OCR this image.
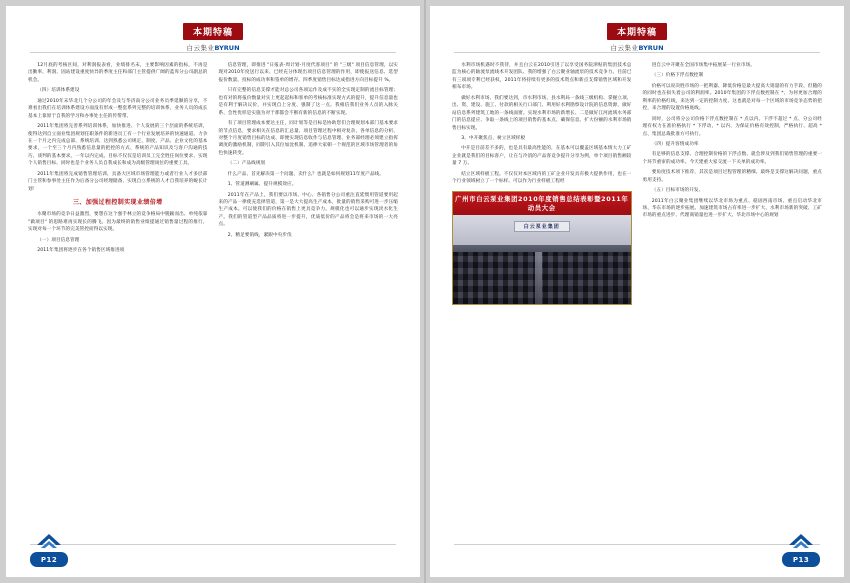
本期特稿
白云集业BYRUN

12月底的考核区间，对利润报表看，业绩排名末，主要影响因素的指标，不再是出勤率、利润、固站建设重度快异的季度主任和部门主管提供广阔的蓝库分公司副总的机会。

（四）培训体系建设

通过2010年末华北几个分公司的年会及与华济南分公司业务员季延顺的分享，不难看出我们在培训体系建设方面没有形成一整套系列完整的培训体系，业务人员的成长基本上靠原于自我的学习和办事处主任的传帮带。

2011年集团将完善系列培训体系，加快推进、个人发展的三个层面的系统培训，使得达到自立面业集团规划任职条件的新进员工有一个行业发展培养的快速通道。力争在一个月之内完成总部、系统培训、达到熟悉公司规定、制度、产品、企业文化的基本要求，一个至三个月内熟悉信息量的把控的方式、系统的产品知识及与客户沟通的技巧、谈判的基本要求。一年以内完成、目标不仅仅是培训员工完全胜任岗位要求、实现个人销售目标、同时也是个业务人员自我成长和成为高级管理岗位的重要工具。

2011年集团将完成销售管理培训、具备大区域市场管理能力或者行业人才多层部门主管和参事处主任作为后备分公司经理储备，实现自立系统的人才自我培养的蜕长计划！

三、加强过程控制实现业绩倍增

水聚市场的竞争日益激烈，要想在这个强手林立的竞争格局中脱颖而出、单纯依靠 "做项目" 的思路难再实现长的腾飞。因为最终的销售业绩提通过销售量过程的推行、实现对每一个环节的完美管控而得以实现。

（一）项目信息管理

2011年集团将逐步在各个销售区域推进项

信息管理，即推进 "日报表-周计划-月度代客项目" 的 "三级" 项目信息管理，以实现对2010年度送行以来、已经充分体现出项目信息管理的作用，即使报送信息、选型报价数量、投标的成功率和签单的增存。四季度销售目标达成指进方向目标提升 %。

只有完整的信息支撑才能对总公司各项运作及成不实的全实现定制的流目标管理；也有对的将报价数量对实上更起起标和客单的考核标准实现方式的提升，提升信息量也是有利于解决议价，并实现自上分度、强制了这一点。我相信我们业务人员的入脉关系、会性优样是实施为对于那都会不断有新的信息的不断实现。

有了项目管理成本要达主任，同计划等是目标是协助您们合理规划本部门基本要求的节点信息，要求相关在信息的汇总量、项目管理过程中相对复杂，各单信息的分析、对整个月度销售目标的达成、即便实现信息收作与信息管理、业务部经理必须建立指挥调度的激励机制，同期引入其位加沈机制、追捧大家朝一个规范的区域市场管理者的角色快速转变。

（二）产品线规划

什么产品、首先解决第一个问题、卖什么？也就是如何规划11年度产品线。

1、管道测刷属、提升规模效应。

2011年在产品上，我们要以市场、中心、各销售分公司重注直延惯用管道要用起来的产品一律使充选择管道，第一是大大提高生产成本，批量的销售采购可进一步压缩生产成本。可以使我们的价格在销售上更具竞争力。规模化也可以通步实现淡水化生产。我们的管道型产品品质将进一步提升，优质低价的产品将会是将来市场的一大亮点。

2、精足要销线，紧跟中央步伐

P12
本期特稿
白云集业BYRUN

水利市场机遇时不我待，并且白云在2010引进了以享受国务院津贴的集团技术总监为核心的轴流泵流线术开发团队、我的增强了白云聚业轴流泵的技术竞争力。目前已有三项项专利已经获权，2011年将持续有更多的技术资点和新点支撑销售区域和开发相布市场。

做好水利市场、我们要达到，市水利市场、县水利局一条线三级机构、掌握立项、出、资、建设、施工、付款的相关行口部门、利用好水利勘察设计院的信息资源，做好站信息系列建筑工地的一条线面窗。实现水利市场的新增长、二是做好江河流域水务部门的信息提应、争取一条线上的项目销售的基本点、确保信息、扩大份额的水利市场销售目标实现。

3、中开聚焦点，树立区域样板

中开是目前差不多的，也是具有最高性能的，在基本可以覆盖区域基本情大力工矿企业就是我们的目标客户，让在与冷消的产品客竞争提升分享为例，单个项目销售额较量 7 万。

结立区域样板工程。不仅仅对本区域内的工矿企业开发具有极大提供作用，也在一个行业领域树立了一个标样。可以作为行业样板工程经

广州市白云泵业集团2010年度销售总结表彰暨2011年动员大会
白云泵业集团

进自云中开聚在全国市场集中拓展某一行业市场。

（三）价格下浮点数控制

价格可以说决胜市场的一把利器、降低价格是最大提高大销量的有力手段、但随的的同时也在损失着公司的利润率。2010年集团的下浮点数控制在 *、为何更加合理的利率的价格红线，来达到一定的控制力度、这也就是对每一个区域的市场竞争态势的把控，来合理的设置价格底线。

同时，公司将分公司价格下浮点数控制在 * 点以内。下浮不超过 * 点、分公司经理有权力在准价格执行 * 下浮动、* 以内、为保证价格有效控制，严格执行、超高 * 点、集团总裁批准方可执行。

（四）提升客情成功率

有足够的信息支撑、合理控制价格的下浮点数、就会涉及到我们销售管理的重要一个环节重审的成功率。今天建重大家交流一下关单的成功率。

要角度技术项下推荐，其次是项目过程管理的精细、最终是支撑这解决问题，重点勇用支持。

（五）目标市场的开发、

2011年白云聚业集团继续以华北市场为重点、稳固西南市场、重点启动华北市场、华东市场的逐步拓展。加速建筑市场占有率进一步扩大、水利市场新的突破、工矿市场的重点进步、代理商销量也进一步扩大、华北市场中心的规划

P13
